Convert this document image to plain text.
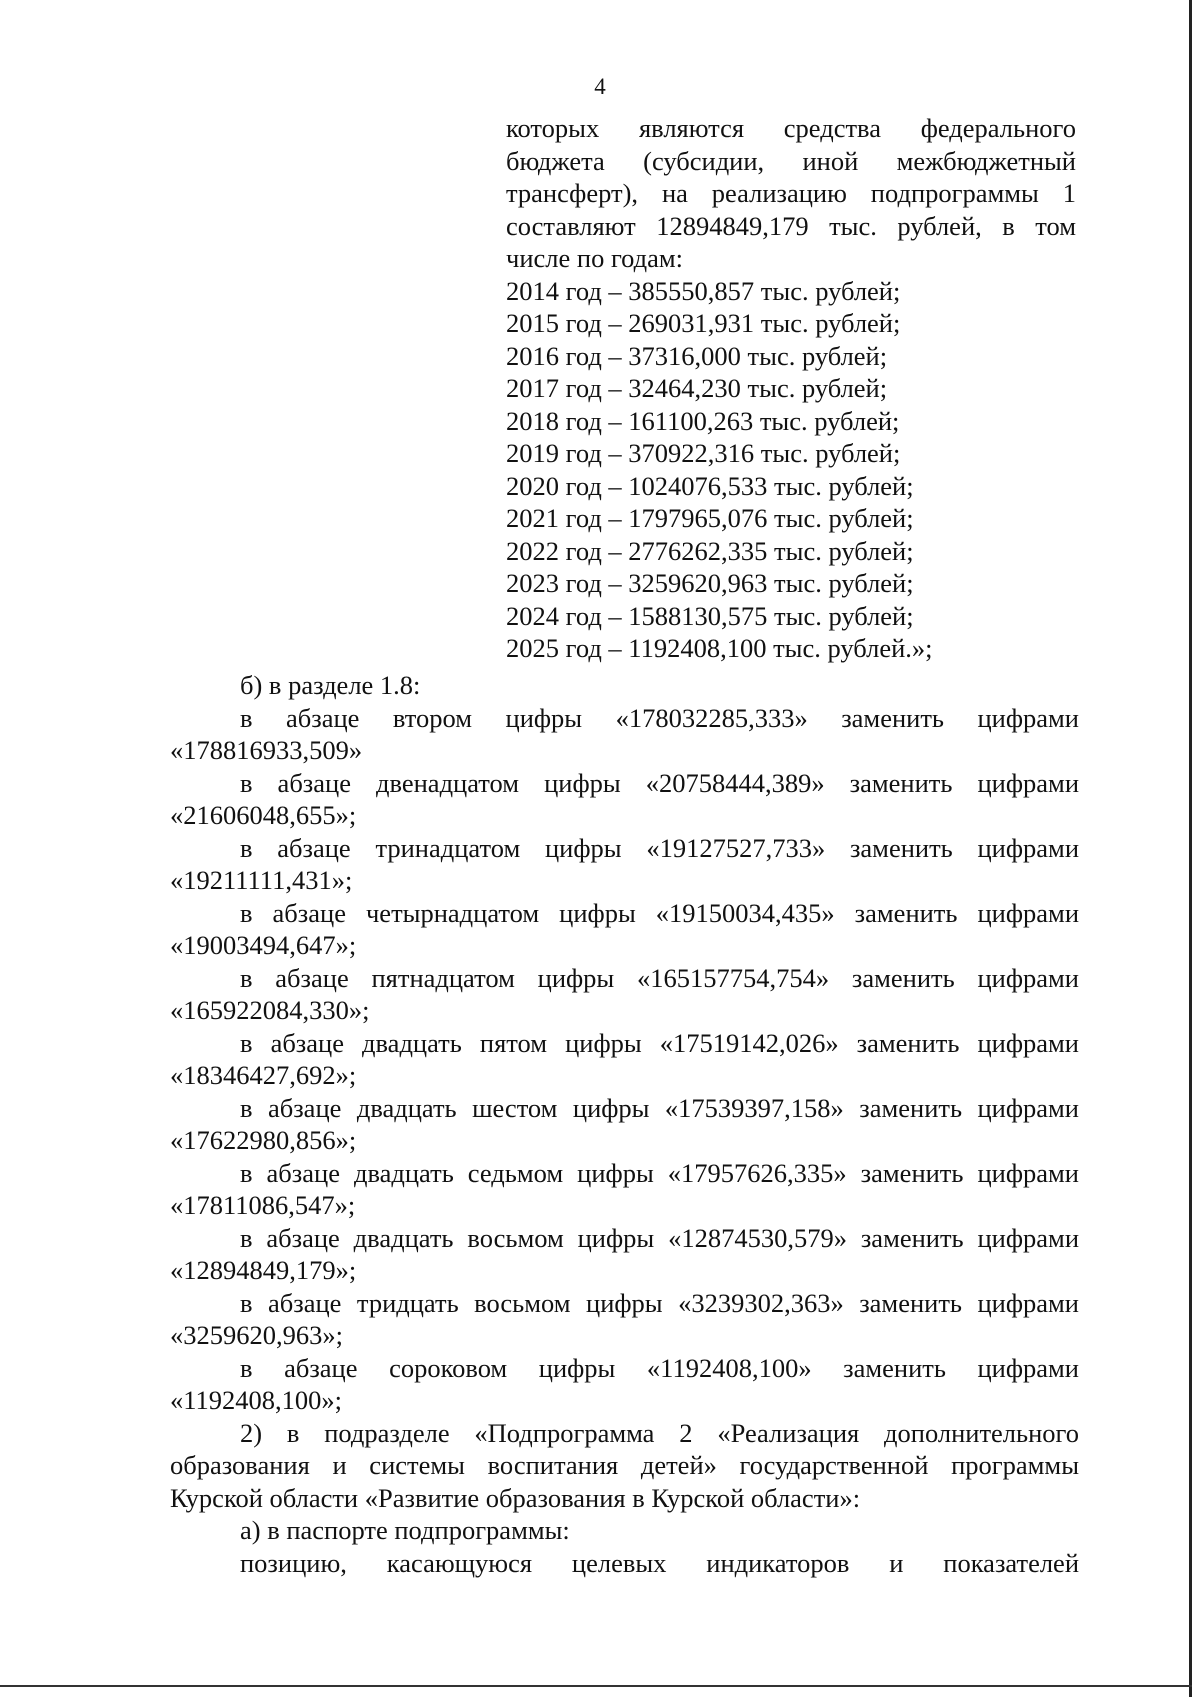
4
которых являются средства федерального
бюджета (субсидии, иной межбюджетный
трансферт), на реализацию подпрограммы 1
составляют 12894849,179 тыс. рублей, в том
числе по годам:
2014 год – 385550,857 тыс. рублей;
2015 год – 269031,931 тыс. рублей;
2016 год – 37316,000 тыс. рублей;
2017 год – 32464,230 тыс. рублей;
2018 год – 161100,263 тыс. рублей;
2019 год – 370922,316 тыс. рублей;
2020 год – 1024076,533 тыс. рублей;
2021 год – 1797965,076 тыс. рублей;
2022 год – 2776262,335 тыс. рублей;
2023 год – 3259620,963 тыс. рублей;
2024 год – 1588130,575 тыс. рублей;
2025 год – 1192408,100 тыс. рублей.»;

б) в разделе 1.8:

в абзаце втором цифры «178032285,333» заменить цифрами «178816933,509»

в абзаце двенадцатом цифры «20758444,389» заменить цифрами «21606048,655»;

в абзаце тринадцатом цифры «19127527,733» заменить цифрами «19211111,431»;

в абзаце четырнадцатом цифры «19150034,435» заменить цифрами «19003494,647»;

в абзаце пятнадцатом цифры «165157754,754» заменить цифрами «165922084,330»;

в абзаце двадцать пятом цифры «17519142,026» заменить цифрами «18346427,692»;

в абзаце двадцать шестом цифры «17539397,158» заменить цифрами «17622980,856»;

в абзаце двадцать седьмом цифры «17957626,335» заменить цифрами «17811086,547»;

в абзаце двадцать восьмом цифры «12874530,579» заменить цифрами «12894849,179»;

в абзаце тридцать восьмом цифры «3239302,363» заменить цифрами «3259620,963»;

в абзаце сороковом цифры «1192408,100» заменить цифрами «1192408,100»;

2) в подразделе «Подпрограмма 2 «Реализация дополнительного образования и системы воспитания детей» государственной программы Курской области «Развитие образования в Курской области»:

а) в паспорте подпрограммы:

позицию, касающуюся целевых индикаторов и показателей
